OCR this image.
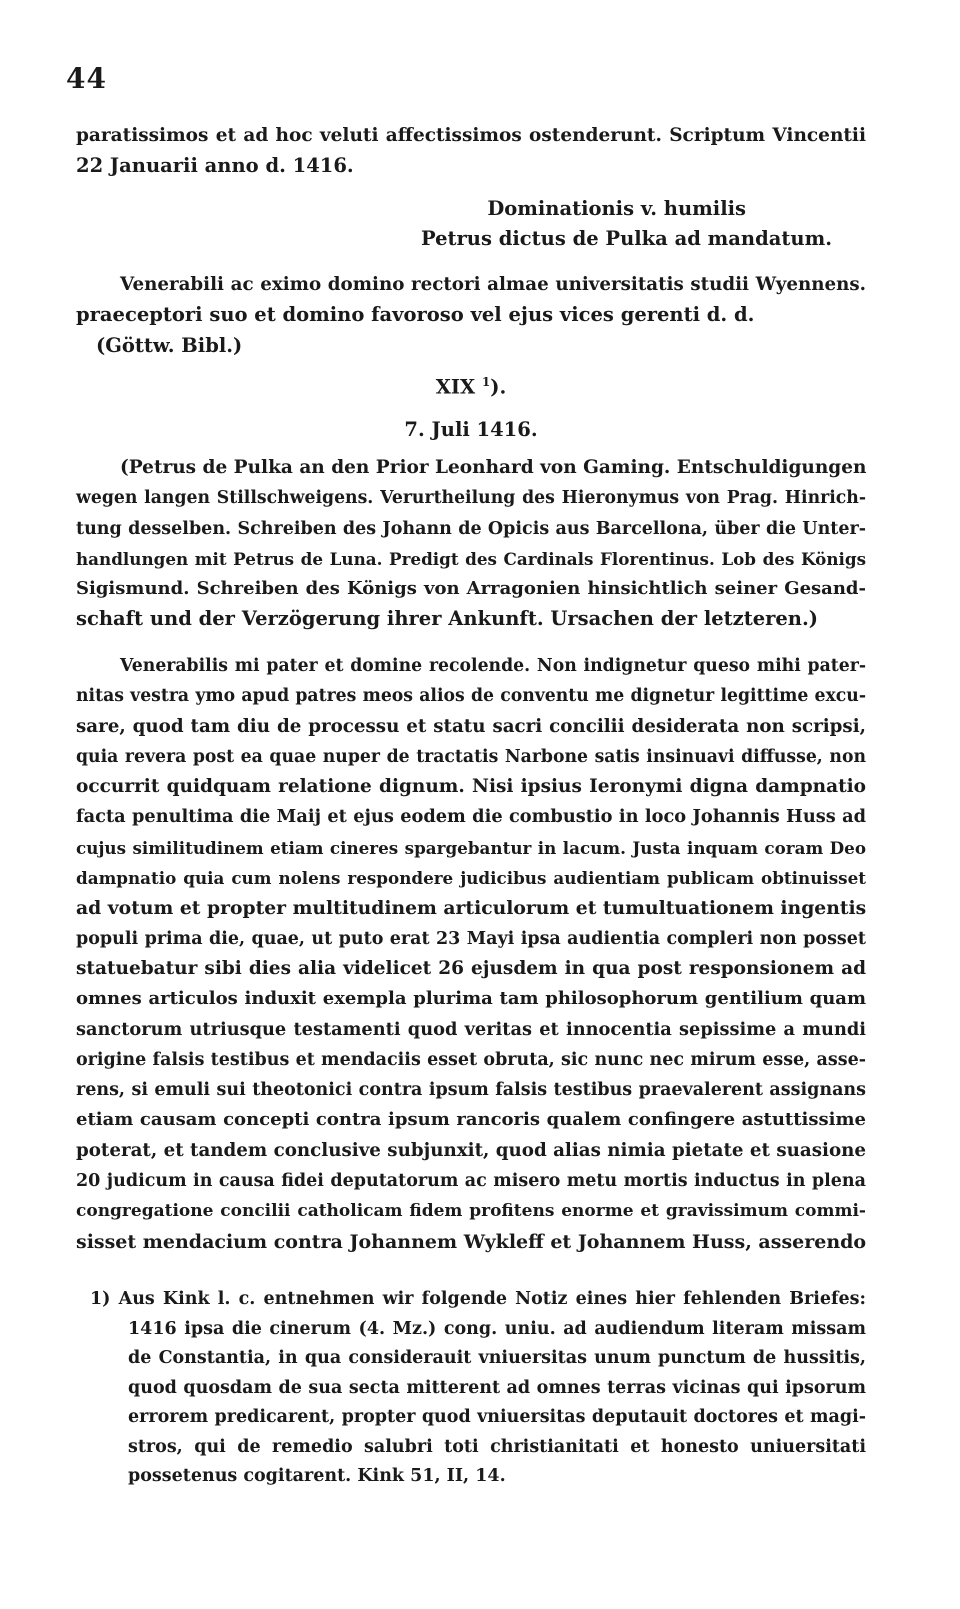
44
paratissimos et ad hoc veluti affectissimos ostenderunt. Scriptum Vincentii
22 Januarii anno d. 1416.
Dominationis v. humilis
Petrus dictus de Pulka ad mandatum.
Venerabili ac eximo domino rectori almae universitatis studii Wyennens.
praeceptori suo et domino favoroso vel ejus vices gerenti d. d.
(Göttw. Bibl.)
XIX $^1$).
7. Juli 1416.
(Petrus de Pulka an den Prior Leonhard von Gaming. Entschuldigungen
wegen langen Stillschweigens. Verurtheilung des Hieronymus von Prag. Hinrich-
tung desselben. Schreiben des Johann de Opicis aus Barcellona, über die Unter-
handlungen mit Petrus de Luna. Predigt des Cardinals Florentinus. Lob des Königs
Sigismund. Schreiben des Königs von Arragonien hinsichtlich seiner Gesand-
schaft und der Verzögerung ihrer Ankunft. Ursachen der letzteren.)
Venerabilis mi pater et domine recolende. Non indignetur queso mihi pater-
nitas vestra ymo apud patres meos alios de conventu me dignetur legittime excu-
sare, quod tam diu de processu et statu sacri concilii desiderata non scripsi,
quia revera post ea quae nuper de tractatis Narbone satis insinuavi diffusse, non
occurrit quidquam relatione dignum. Nisi ipsius Ieronymi digna dampnatio
facta penultima die Maij et ejus eodem die combustio in loco Johannis Huss ad
cujus similitudinem etiam cineres spargebantur in lacum. Justa inquam coram Deo
dampnatio quia cum nolens respondere judicibus audientiam publicam obtinuisset
ad votum et propter multitudinem articulorum et tumultuationem ingentis
populi prima die, quae, ut puto erat 23 Mayi ipsa audientia compleri non posset
statuebatur sibi dies alia videlicet 26 ejusdem in qua post responsionem ad
omnes articulos induxit exempla plurima tam philosophorum gentilium quam
sanctorum utriusque testamenti quod veritas et innocentia sepissime a mundi
origine falsis testibus et mendaciis esset obruta, sic nunc nec mirum esse, asse-
rens, si emuli sui theotonici contra ipsum falsis testibus praevalerent assignans
etiam causam concepti contra ipsum rancoris qualem confingere astuttissime
poterat, et tandem conclusive subjunxit, quod alias nimia pietate et suasione
20 judicum in causa fidei deputatorum ac misero metu mortis inductus in plena
congregatione concilii catholicam fidem profitens enorme et gravissimum commi-
sisset mendacium contra Johannem Wykleff et Johannem Huss, asserendo
1) Aus Kink l. c. entnehmen wir folgende Notiz eines hier fehlenden Briefes:
1416 ipsa die cinerum (4. Mz.) cong. uniu. ad audiendum literam missam
de Constantia, in qua considerauit vniuersitas unum punctum de hussitis,
quod quosdam de sua secta mitterent ad omnes terras vicinas qui ipsorum
errorem predicarent, propter quod vniuersitas deputauit doctores et magi-
stros, qui de remedio salubri toti christianitati et honesto uniuersitati
possetenus cogitarent. Kink 51, II, 14.
